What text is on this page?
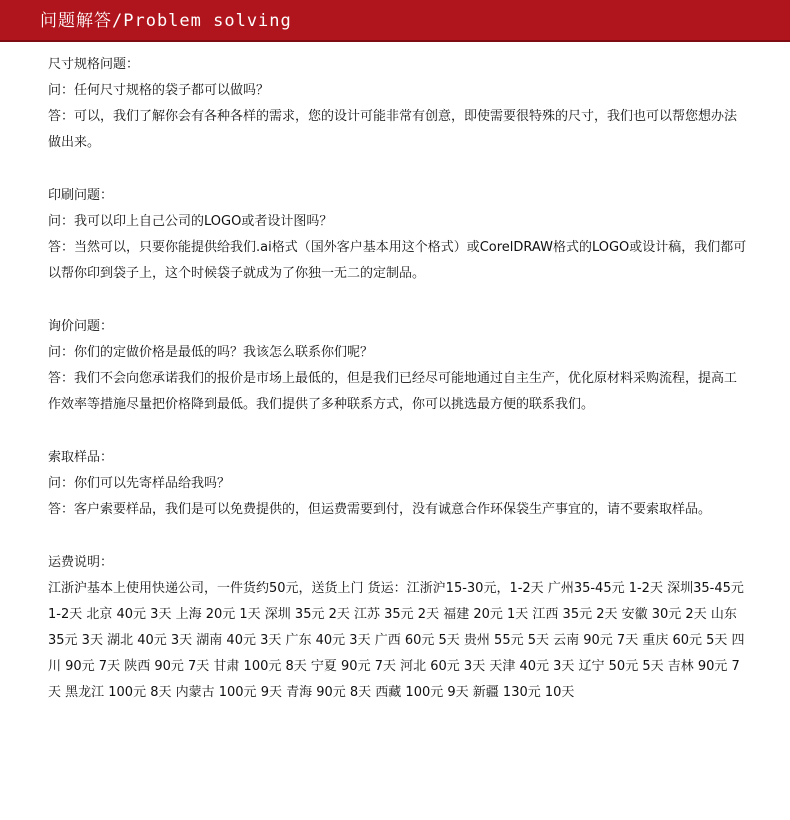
问题解答/Problem solving
尺寸规格问题：
问：任何尺寸规格的袋子都可以做吗？
答：可以，我们了解你会有各种各样的需求，您的设计可能非常有创意，即使需要很特殊的尺寸，我们也可以帮您想办法做出来。
印刷问题：
问：我可以印上自己公司的LOGO或者设计图吗？
答：当然可以，只要你能提供给我们.ai格式（国外客户基本用这个格式）或CorelDRAW格式的LOGO或设计稿，我们都可以帮你印到袋子上，这个时候袋子就成为了你独一无二的定制品。
询价问题：
问：你们的定做价格是最低的吗？我该怎么联系你们呢？
答：我们不会向您承诺我们的报价是市场上最低的，但是我们已经尽可能地通过自主生产，优化原材料采购流程，提高工作效率等措施尽量把价格降到最低。我们提供了多种联系方式，你可以挑选最方便的联系我们。
索取样品：
问：你们可以先寄样品给我吗？
答：客户索要样品，我们是可以免费提供的，但运费需要到付，没有诚意合作环保袋生产事宜的，请不要索取样品。
运费说明：
江浙沪基本上使用快递公司，一件货约50元，送货上门 货运：江浙沪15-30元，1-2天 广州35-45元 1-2天 深圳35-45元 1-2天 北京 40元 3天 上海 20元 1天 深圳 35元 2天 江苏 35元 2天 福建 20元 1天 江西 35元 2天 安徽 30元 2天 山东 35元 3天 湖北 40元 3天 湖南 40元 3天 广东 40元 3天 广西 60元 5天 贵州 55元 5天 云南 90元 7天 重庆 60元 5天 四川 90元 7天 陕西 90元 7天 甘肃 100元 8天 宁夏 90元 7天 河北 60元 3天 天津 40元 3天 辽宁 50元 5天 吉林 90元 7天 黑龙江 100元 8天 内蒙古 100元 9天 青海 90元 8天 西藏 100元 9天 新疆 130元 10天
